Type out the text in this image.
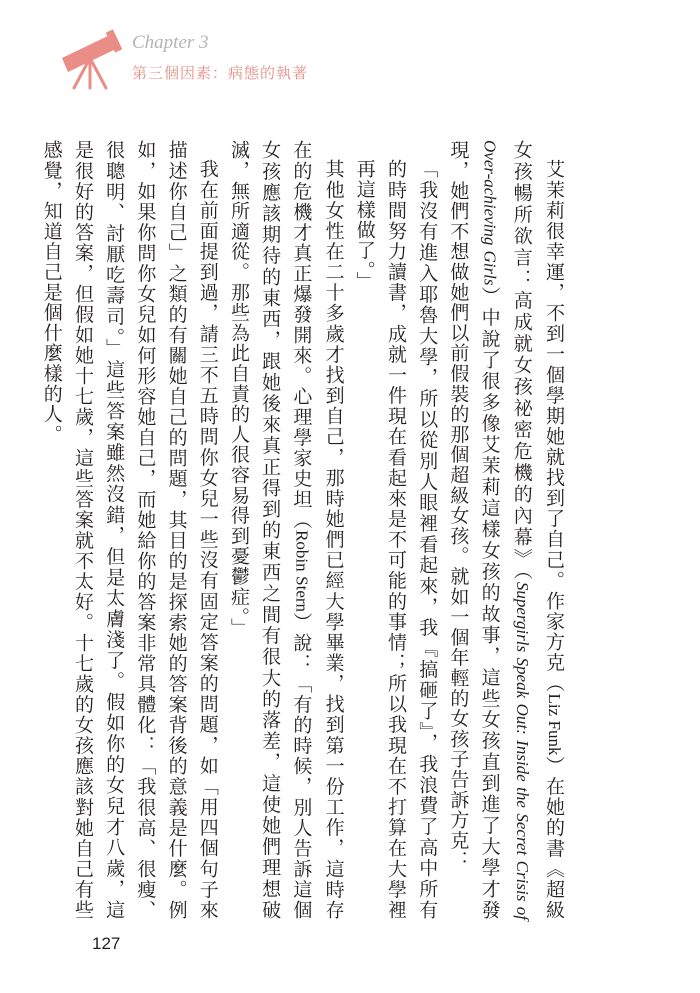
Chapter 3
第三個因素：病態的執著

艾茉莉很幸運，不到一個學期她就找到了自己。作家方克（Liz Funk）在她的書《超級女孩暢所欲言：高成就女孩祕密危機的內幕》（Supergirls Speak Out: Inside the Secret Crisis of Over-achieving Girls）中說了很多像艾茉莉這樣女孩的故事，這些女孩直到進了大學才發現，她們不想做她們以前假裝的那個超級女孩。就如一個年輕的女孩子告訴方克：

「我沒有進入耶魯大學，所以從別人眼裡看起來，我『搞砸了』，我浪費了高中所有的時間努力讀書，成就一件現在看起來是不可能的事情；所以我現在不打算在大學裡再這樣做了。」

其他女性在二十多歲才找到自己，那時她們已經大學畢業，找到第一份工作，這時存在的危機才真正爆發開來。心理學家史坦（Robin Stern）說：「有的時候，別人告訴這個女孩應該期待的東西，跟她後來真正得到的東西之間有很大的落差，這使她們理想破滅，無所適從。那些為此自責的人很容易得到憂鬱症。」

我在前面提到過，請三不五時問你女兒一些沒有固定答案的問題，如「用四個句子來描述你自己」之類的有關她自己的問題，其目的是探索她的答案背後的意義是什麼。例如，如果你問你女兒如何形容她自己，而她給你的答案非常具體化：「我很高、很瘦、很聰明、討厭吃壽司。」這些答案雖然沒錯，但是太膚淺了。假如你的女兒才八歲，這是很好的答案，但假如她十七歲，這些答案就不太好。十七歲的女孩應該對她自己有些感覺，知道自己是個什麼樣的人。

127
